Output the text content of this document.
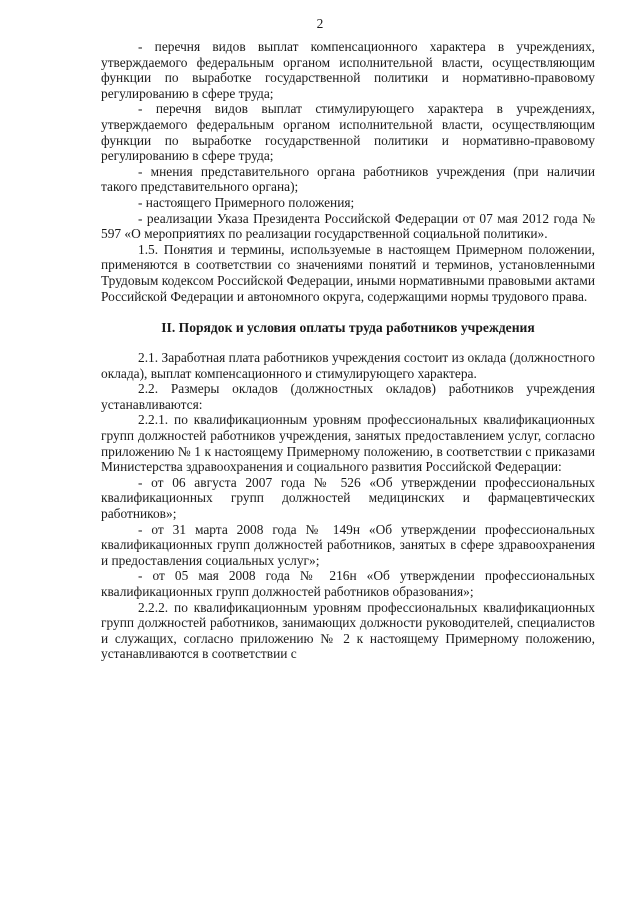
2

- перечня видов выплат компенсационного характера в учреждениях, утверждаемого федеральным органом исполнительной власти, осуществляющим функции по выработке государственной политики и нормативно-правовому регулированию в сфере труда;

- перечня видов выплат стимулирующего характера в учреждениях, утверждаемого федеральным органом исполнительной власти, осуществляющим функции по выработке государственной политики и нормативно-правовому регулированию в сфере труда;

- мнения представительного органа работников учреждения (при наличии такого представительного органа);

- настоящего Примерного положения;

- реализации Указа Президента Российской Федерации от 07 мая 2012 года № 597 «О мероприятиях по реализации государственной социальной политики».

1.5. Понятия и термины, используемые в настоящем Примерном положении, применяются в соответствии со значениями понятий и терминов, установленными Трудовым кодексом Российской Федерации, иными нормативными правовыми актами Российской Федерации и автономного округа, содержащими нормы трудового права.

II. Порядок и условия оплаты труда работников учреждения

2.1. Заработная плата работников учреждения состоит из оклада (должностного оклада), выплат компенсационного и стимулирующего характера.

2.2. Размеры окладов (должностных окладов) работников учреждения устанавливаются:

2.2.1. по квалификационным уровням профессиональных квалификационных групп должностей работников учреждения, занятых предоставлением услуг, согласно приложению № 1 к настоящему Примерному положению, в соответствии с приказами Министерства здравоохранения и социального развития Российской Федерации:

- от 06 августа 2007 года № 526 «Об утверждении профессиональных квалификационных групп должностей медицинских и фармацевтических работников»;

- от 31 марта 2008 года № 149н «Об утверждении профессиональных квалификационных групп должностей работников, занятых в сфере здравоохранения и предоставления социальных услуг»;

- от 05 мая 2008 года № 216н «Об утверждении профессиональных квалификационных групп должностей работников образования»;

2.2.2. по квалификационным уровням профессиональных квалификационных групп должностей работников, занимающих должности руководителей, специалистов и служащих, согласно приложению № 2 к настоящему Примерному положению, устанавливаются в соответствии с
